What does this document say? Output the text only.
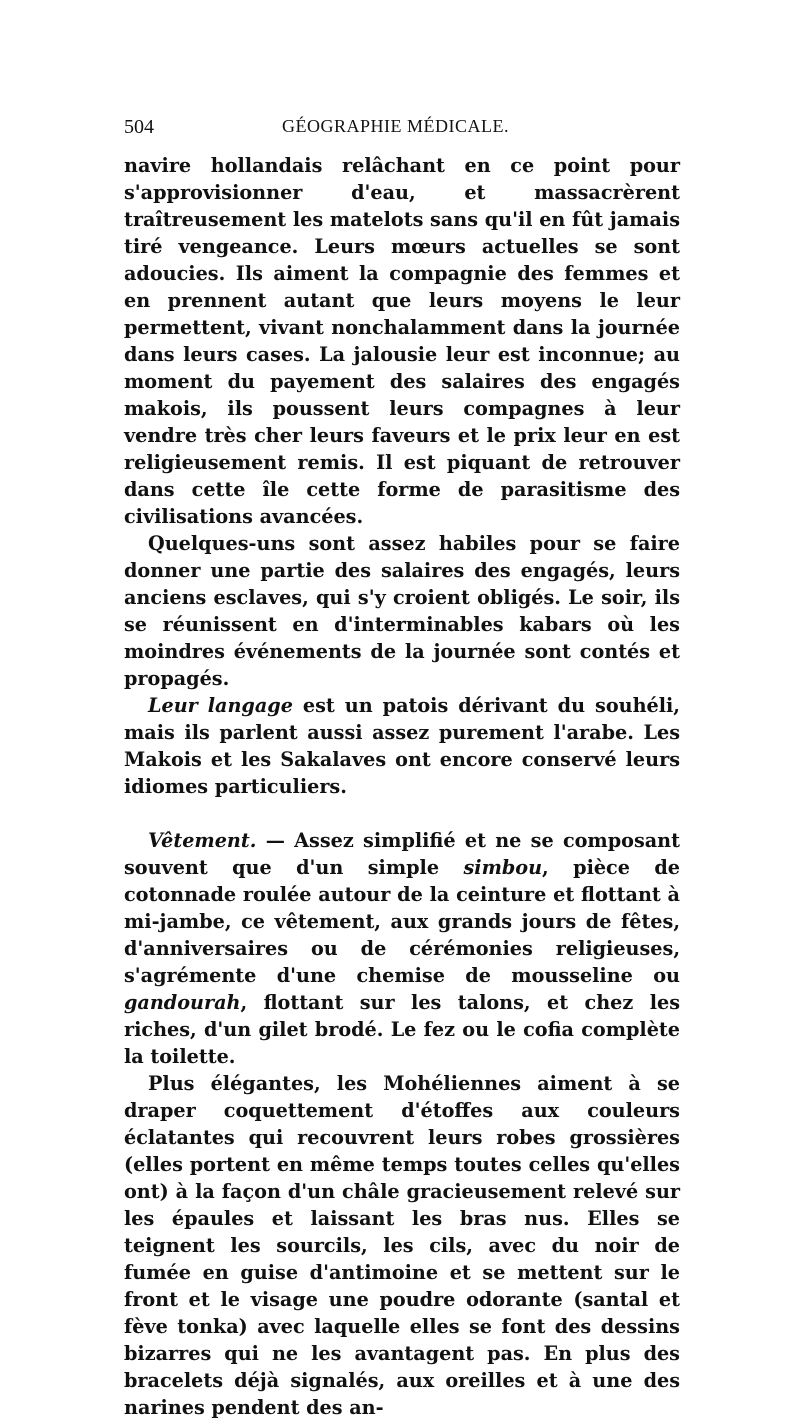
504	GÉOGRAPHIE MÉDICALE.

navire hollandais relâchant en ce point pour s'approvisionner d'eau, et massacrèrent traîtreusement les matelots sans qu'il en fût jamais tiré vengeance. Leurs mœurs actuelles se sont adoucies. Ils aiment la compagnie des femmes et en prennent autant que leurs moyens le leur permettent, vivant nonchalamment dans la journée dans leurs cases. La jalousie leur est inconnue; au moment du payement des salaires des engagés makois, ils poussent leurs compagnes à leur vendre très cher leurs faveurs et le prix leur en est religieusement remis. Il est piquant de retrouver dans cette île cette forme de parasitisme des civilisations avancées.

Quelques-uns sont assez habiles pour se faire donner une partie des salaires des engagés, leurs anciens esclaves, qui s'y croient obligés. Le soir, ils se réunissent en d'interminables kabars où les moindres événements de la journée sont contés et propagés.

Leur langage est un patois dérivant du souhéli, mais ils parlent aussi assez purement l'arabe. Les Makois et les Sakalaves ont encore conservé leurs idiomes particuliers.

Vêtement. — Assez simplifié et ne se composant souvent que d'un simple simbou, pièce de cotonnade roulée autour de la ceinture et flottant à mi-jambe, ce vêtement, aux grands jours de fêtes, d'anniversaires ou de cérémonies religieuses, s'agrémente d'une chemise de mousseline ou gandourah, flottant sur les talons, et chez les riches, d'un gilet brodé. Le fez ou le cofia complète la toilette.

Plus élégantes, les Mohéliennes aiment à se draper coquettement d'étoffes aux couleurs éclatantes qui recouvrent leurs robes grossières (elles portent en même temps toutes celles qu'elles ont) à la façon d'un châle gracieusement relevé sur les épaules et laissant les bras nus. Elles se teignent les sourcils, les cils, avec du noir de fumée en guise d'antimoine et se mettent sur le front et le visage une poudre odorante (santal et fève tonka) avec laquelle elles se font des dessins bizarres qui ne les avantagent pas. En plus des bracelets déjà signalés, aux oreilles et à une des narines pendent des an-
